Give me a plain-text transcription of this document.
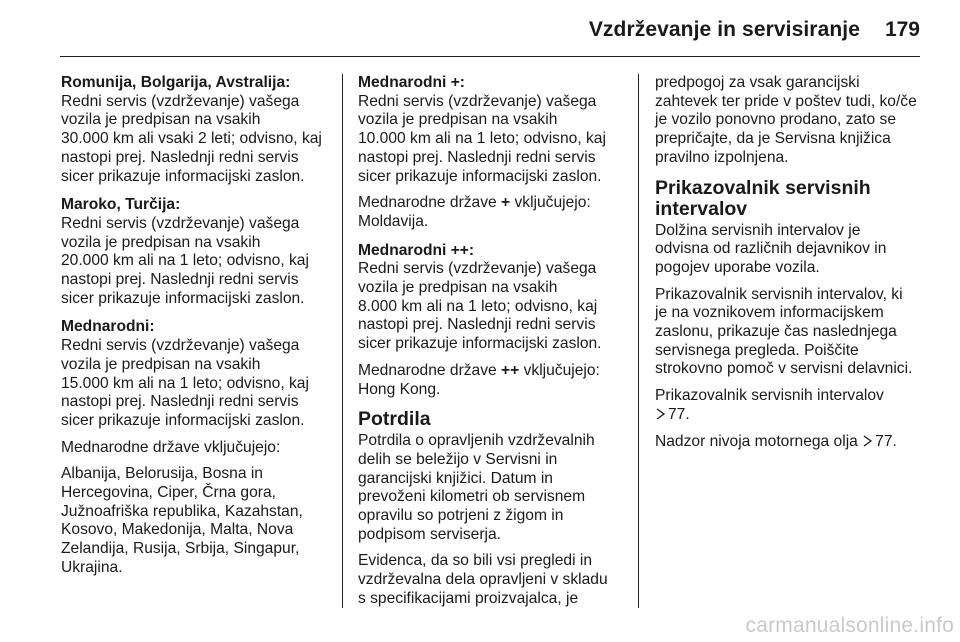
Vzdrževanje in servisiranje 179
Romunija, Bolgarija, Avstralija:
Redni servis (vzdrževanje) vašega
vozila je predpisan na vsakih
30.000 km ali vsaki 2 leti; odvisno, kaj
nastopi prej. Naslednji redni servis
sicer prikazuje informacijski zaslon.
Maroko, Turčija:
Redni servis (vzdrževanje) vašega
vozila je predpisan na vsakih
20.000 km ali na 1 leto; odvisno, kaj
nastopi prej. Naslednji redni servis
sicer prikazuje informacijski zaslon.
Mednarodni:
Redni servis (vzdrževanje) vašega
vozila je predpisan na vsakih
15.000 km ali na 1 leto; odvisno, kaj
nastopi prej. Naslednji redni servis
sicer prikazuje informacijski zaslon.
Mednarodne države vključujejo:
Albanija, Belorusija, Bosna in
Hercegovina, Ciper, Črna gora,
Južnoafriška republika, Kazahstan,
Kosovo, Makedonija, Malta, Nova
Zelandija, Rusija, Srbija, Singapur,
Ukrajina.
Mednarodni +:
Redni servis (vzdrževanje) vašega
vozila je predpisan na vsakih
10.000 km ali na 1 leto; odvisno, kaj
nastopi prej. Naslednji redni servis
sicer prikazuje informacijski zaslon.
Mednarodne države + vključujejo:
Moldavija.
Mednarodni ++:
Redni servis (vzdrževanje) vašega
vozila je predpisan na vsakih
8.000 km ali na 1 leto; odvisno, kaj
nastopi prej. Naslednji redni servis
sicer prikazuje informacijski zaslon.
Mednarodne države ++ vključujejo:
Hong Kong.
Potrdila
Potrdila o opravljenih vzdrževalnih
delih se beležijo v Servisni in
garancijski knjižici. Datum in
prevoženi kilometri ob servisnem
opravilu so potrjeni z žigom in
podpisom serviserja.
Evidenca, da so bili vsi pregledi in
vzdrževalna dela opravljeni v skladu
s specifikacijami proizvajalca, je
predpogoj za vsak garancijski
zahtevek ter pride v poštev tudi, ko/če
je vozilo ponovno prodano, zato se
prepričajte, da je Servisna knjižica
pravilno izpolnjena.
Prikazovalnik servisnih
intervalov
Dolžina servisnih intervalov je
odvisna od različnih dejavnikov in
pogojev uporabe vozila.
Prikazovalnik servisnih intervalov, ki
je na voznikovem informacijskem
zaslonu, prikazuje čas naslednjega
servisnega pregleda. Poiščite
strokovno pomoč v servisni delavnici.
Prikazovalnik servisnih intervalov
77.
Nadzor nivoja motornega olja 77.
carmanualsonline.info
